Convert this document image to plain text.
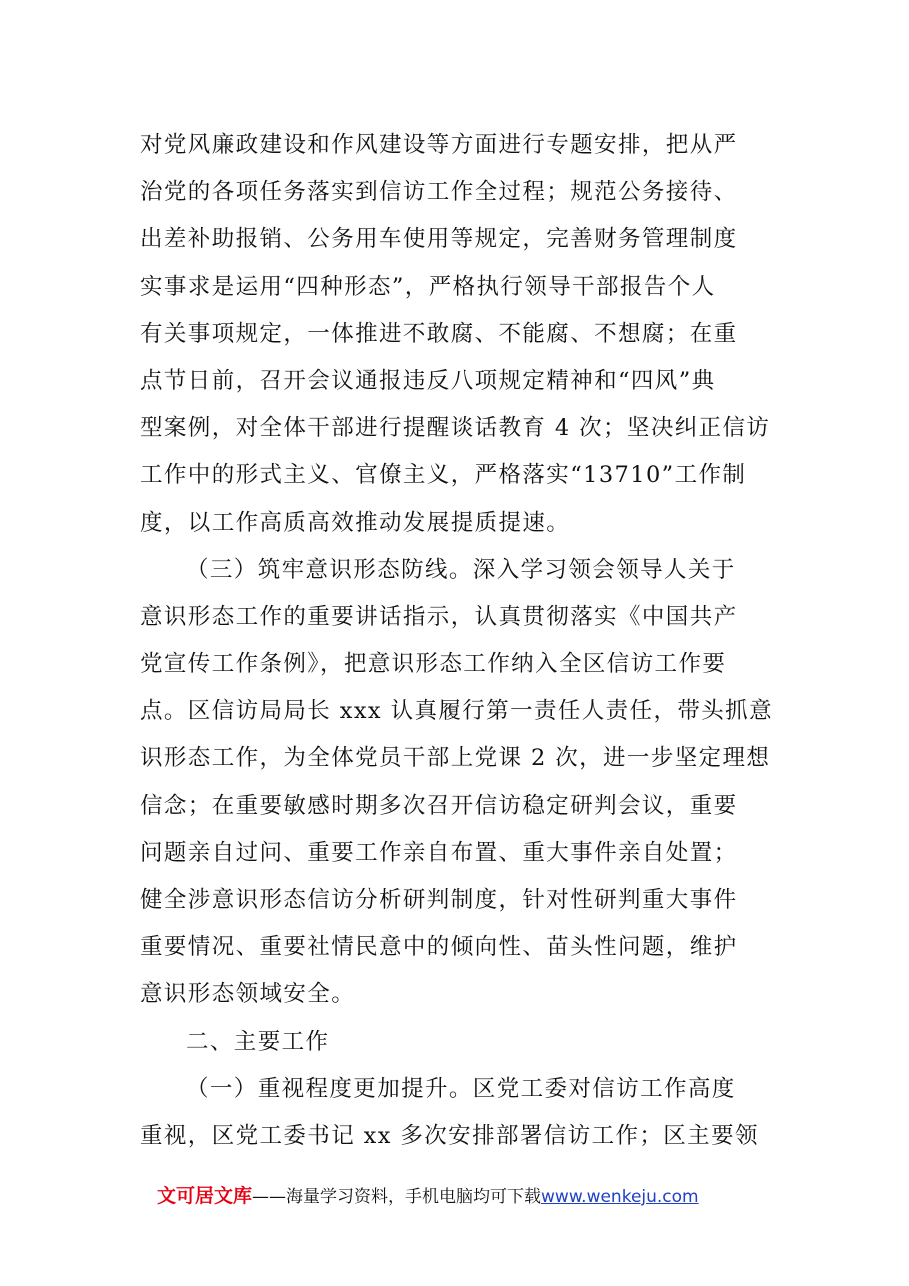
对党风廉政建设和作风建设等方面进行专题安排，把从严
治党的各项任务落实到信访工作全过程；规范公务接待、
出差补助报销、公务用车使用等规定，完善财务管理制度
实事求是运用“四种形态”，严格执行领导干部报告个人
有关事项规定，一体推进不敢腐、不能腐、不想腐；在重
点节日前，召开会议通报违反八项规定精神和“四风”典
型案例，对全体干部进行提醒谈话教育 4 次；坚决纠正信访
工作中的形式主义、官僚主义，严格落实“13710”工作制
度，以工作高质高效推动发展提质提速。
（三）筑牢意识形态防线。深入学习领会领导人关于
意识形态工作的重要讲话指示，认真贯彻落实《中国共产
党宣传工作条例》，把意识形态工作纳入全区信访工作要
点。区信访局局长 xxx 认真履行第一责任人责任，带头抓意
识形态工作，为全体党员干部上党课 2 次，进一步坚定理想
信念；在重要敏感时期多次召开信访稳定研判会议，重要
问题亲自过问、重要工作亲自布置、重大事件亲自处置；
健全涉意识形态信访分析研判制度，针对性研判重大事件
重要情况、重要社情民意中的倾向性、苗头性问题，维护
意识形态领域安全。
二、主要工作
（一）重视程度更加提升。区党工委对信访工作高度
重视，区党工委书记 xx 多次安排部署信访工作；区主要领
文可居文库——海量学习资料，手机电脑均可下载www.wenkeju.com
